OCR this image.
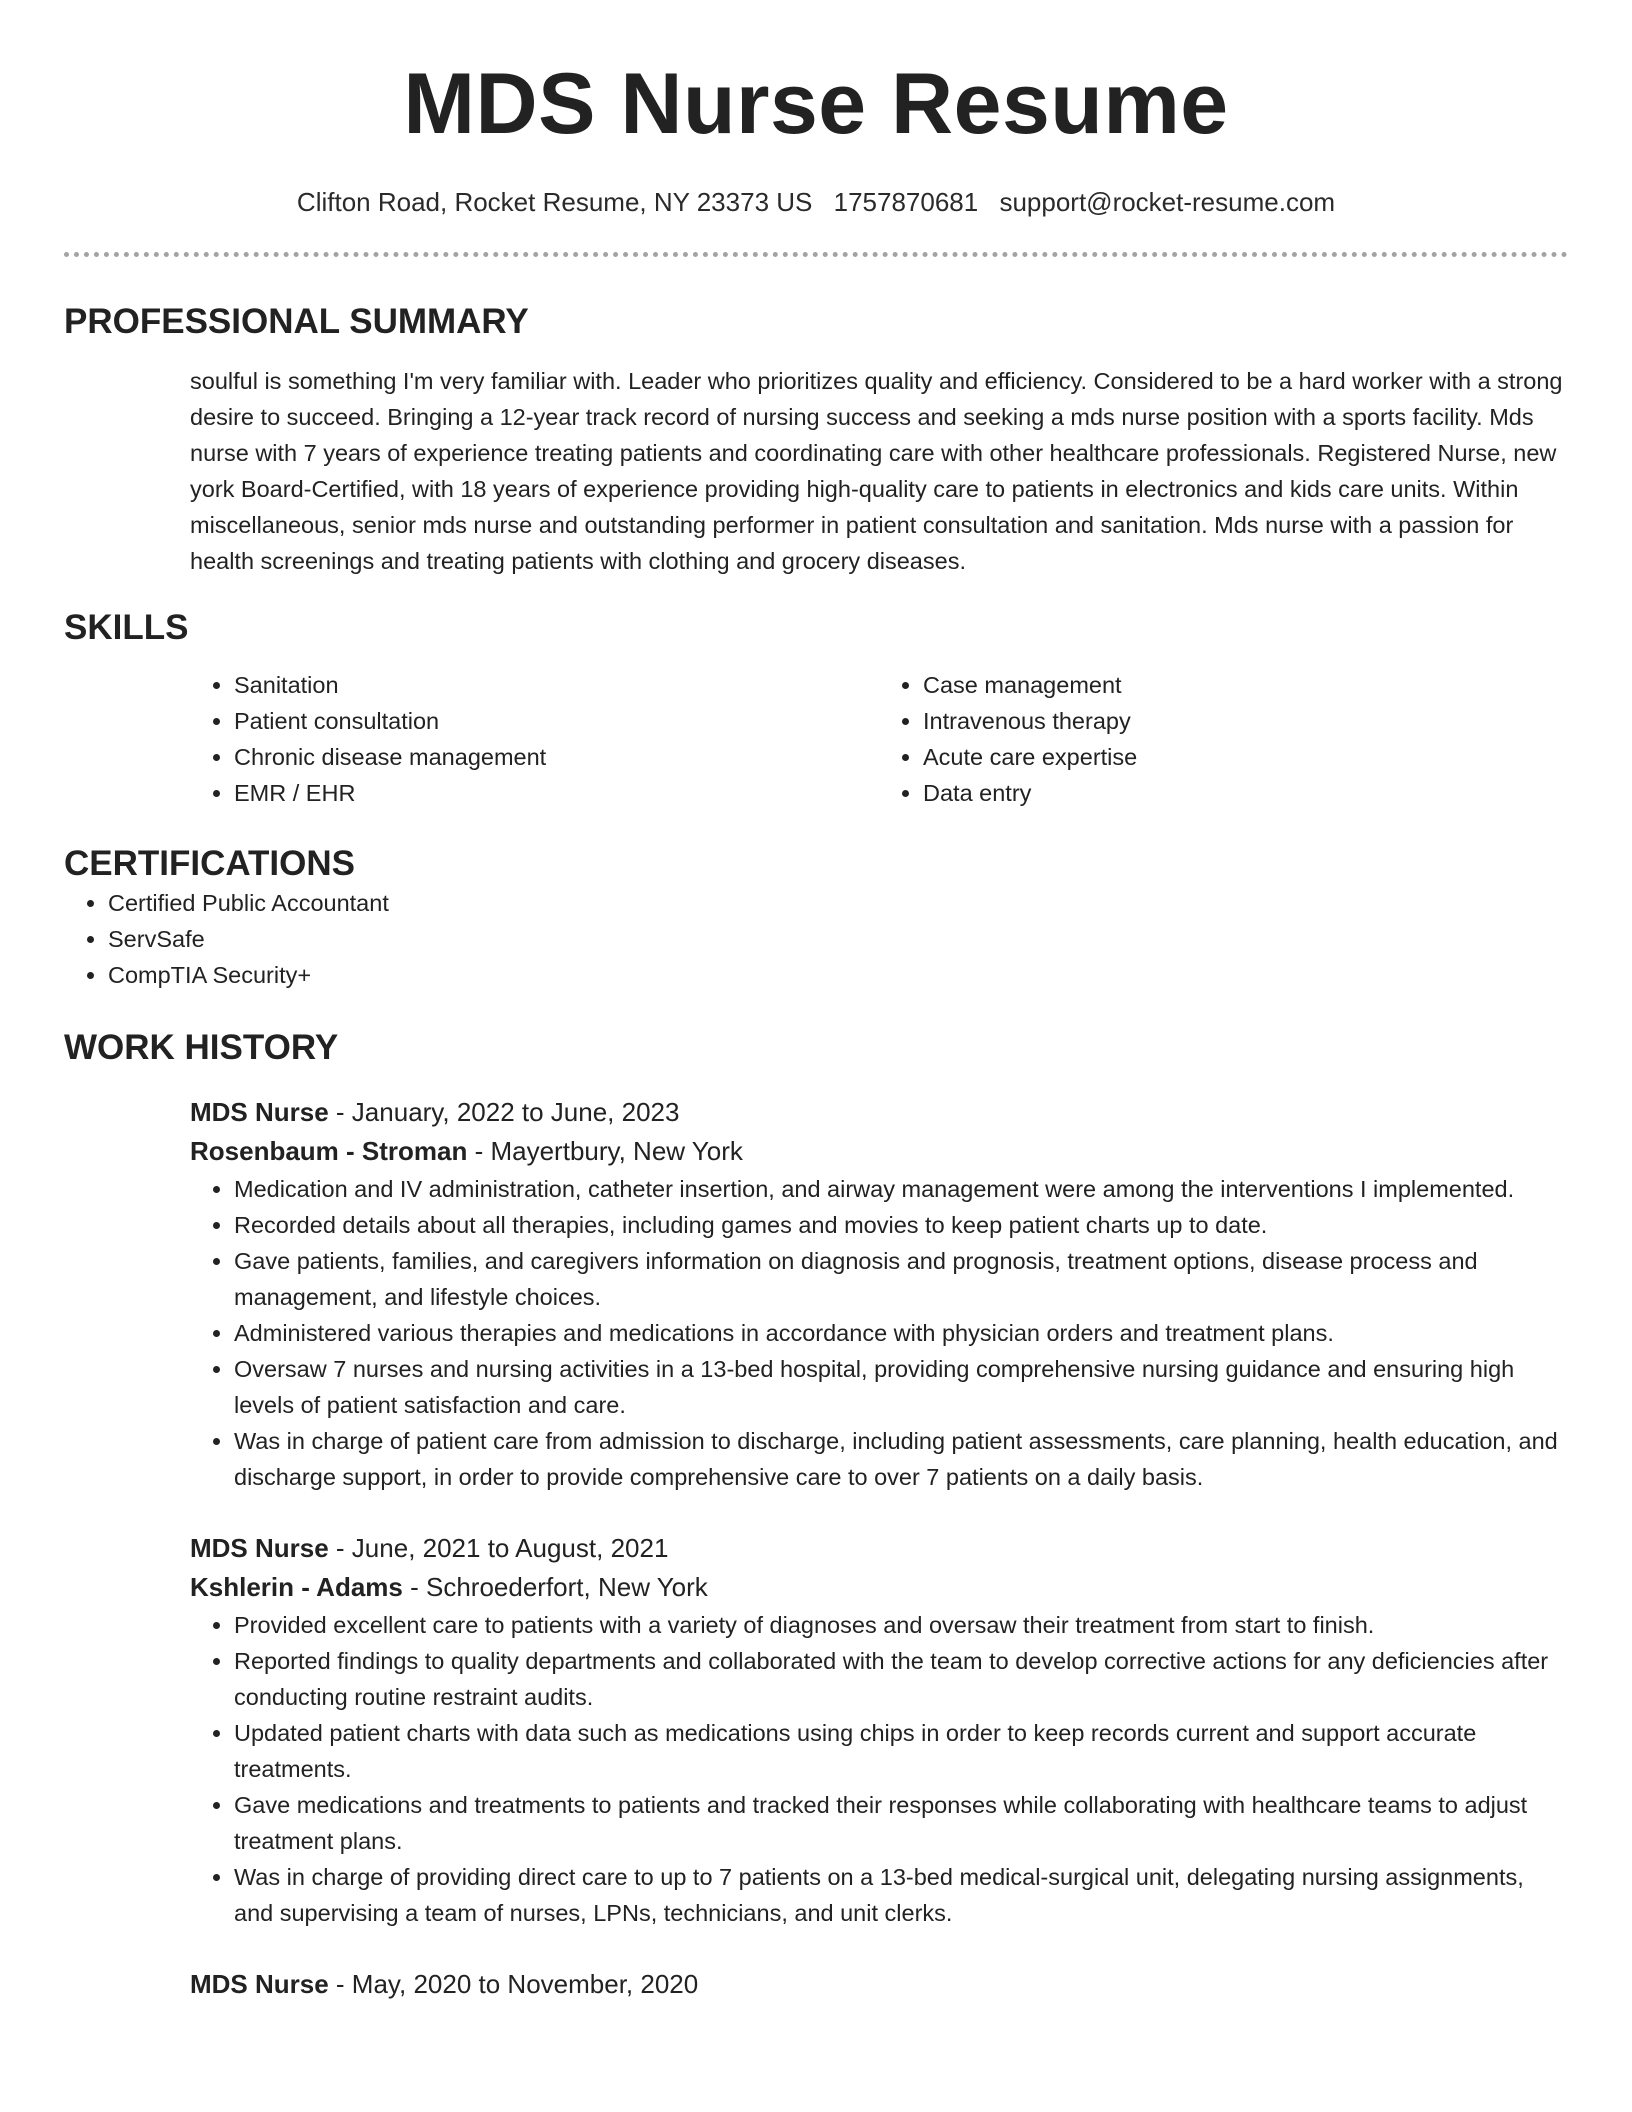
MDS Nurse Resume
Clifton Road, Rocket Resume, NY 23373 US 1757870681 support@rocket-resume.com
PROFESSIONAL SUMMARY

soulful is something I'm very familiar with. Leader who prioritizes quality and efficiency. Considered to be a hard worker with a strong desire to succeed. Bringing a 12-year track record of nursing success and seeking a mds nurse position with a sports facility. Mds nurse with 7 years of experience treating patients and coordinating care with other healthcare professionals. Registered Nurse, new york Board-Certified, with 18 years of experience providing high-quality care to patients in electronics and kids care units. Within miscellaneous, senior mds nurse and outstanding performer in patient consultation and sanitation. Mds nurse with a passion for health screenings and treating patients with clothing and grocery diseases.

SKILLS
• Sanitation
• Patient consultation
• Chronic disease management
• EMR / EHR
• Case management
• Intravenous therapy
• Acute care expertise
• Data entry
CERTIFICATIONS
• Certified Public Accountant
• ServSafe
• CompTIA Security+
WORK HISTORY
MDS Nurse - January, 2022 to June, 2023
Rosenbaum - Stroman - Mayertbury, New York
• Medication and IV administration, catheter insertion, and airway management were among the interventions I implemented.
• Recorded details about all therapies, including games and movies to keep patient charts up to date.
• Gave patients, families, and caregivers information on diagnosis and prognosis, treatment options, disease process and management, and lifestyle choices.
• Administered various therapies and medications in accordance with physician orders and treatment plans.
• Oversaw 7 nurses and nursing activities in a 13-bed hospital, providing comprehensive nursing guidance and ensuring high levels of patient satisfaction and care.
• Was in charge of patient care from admission to discharge, including patient assessments, care planning, health education, and discharge support, in order to provide comprehensive care to over 7 patients on a daily basis.
MDS Nurse - June, 2021 to August, 2021
Kshlerin - Adams - Schroederfort, New York
• Provided excellent care to patients with a variety of diagnoses and oversaw their treatment from start to finish.
• Reported findings to quality departments and collaborated with the team to develop corrective actions for any deficiencies after conducting routine restraint audits.
• Updated patient charts with data such as medications using chips in order to keep records current and support accurate treatments.
• Gave medications and treatments to patients and tracked their responses while collaborating with healthcare teams to adjust treatment plans.
• Was in charge of providing direct care to up to 7 patients on a 13-bed medical-surgical unit, delegating nursing assignments, and supervising a team of nurses, LPNs, technicians, and unit clerks.
MDS Nurse - May, 2020 to November, 2020
